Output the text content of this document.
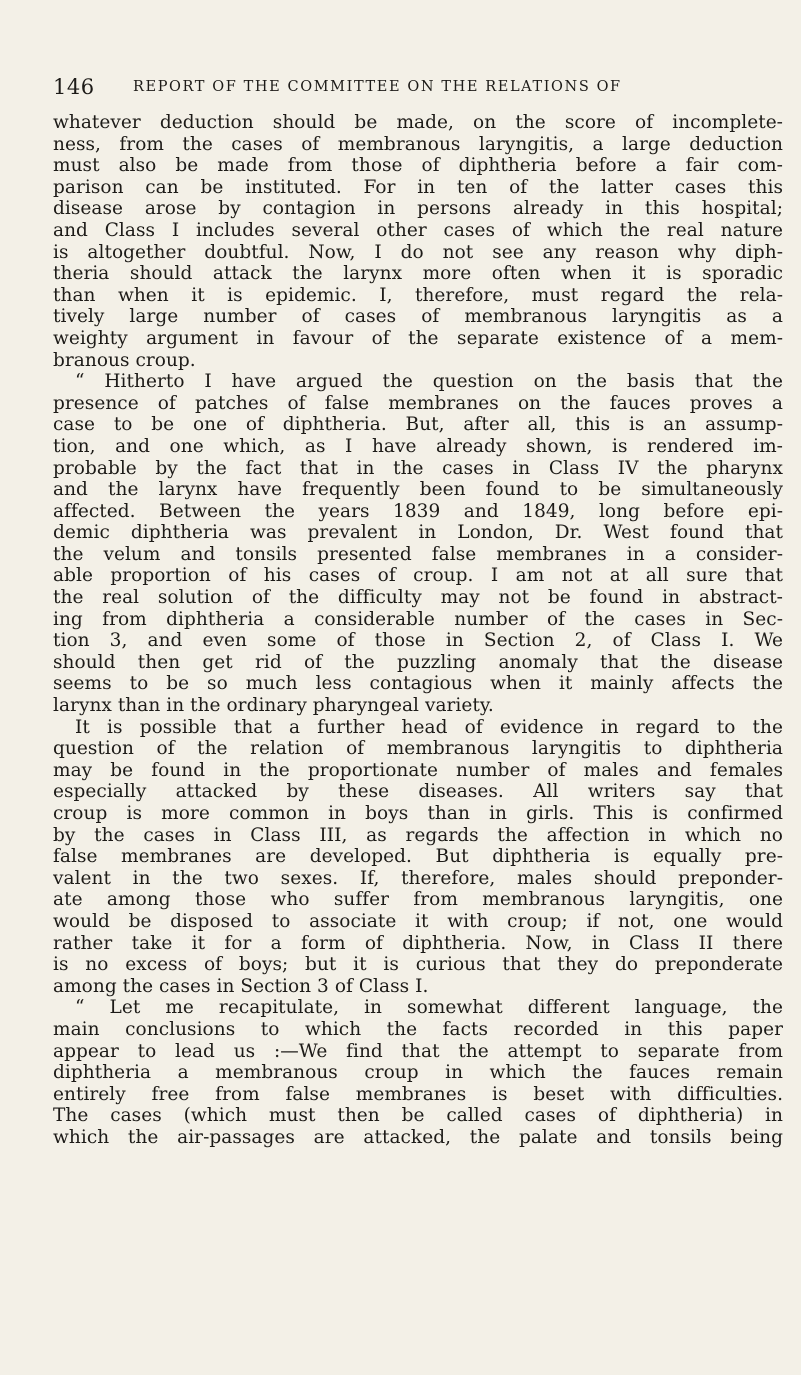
146	REPORT OF THE COMMITTEE ON THE RELATIONS OF
whatever deduction should be made, on the score of incomplete-
ness, from the cases of membranous laryngitis, a large deduction
must also be made from those of diphtheria before a fair com-
parison can be instituted. For in ten of the latter cases this
disease arose by contagion in persons already in this hospital;
and Class I includes several other cases of which the real nature
is altogether doubtful. Now, I do not see any reason why diph-
theria should attack the larynx more often when it is sporadic
than when it is epidemic. I, therefore, must regard the rela-
tively large number of cases of membranous laryngitis as a
weighty argument in favour of the separate existence of a mem-
branous croup.
“ Hitherto I have argued the question on the basis that the
presence of patches of false membranes on the fauces proves a
case to be one of diphtheria. But, after all, this is an assump-
tion, and one which, as I have already shown, is rendered im-
probable by the fact that in the cases in Class IV the pharynx
and the larynx have frequently been found to be simultaneously
affected. Between the years 1839 and 1849, long before epi-
demic diphtheria was prevalent in London, Dr. West found that
the velum and tonsils presented false membranes in a consider-
able proportion of his cases of croup. I am not at all sure that
the real solution of the difficulty may not be found in abstract-
ing from diphtheria a considerable number of the cases in Sec-
tion 3, and even some of those in Section 2, of Class I. We
should then get rid of the puzzling anomaly that the disease
seems to be so much less contagious when it mainly affects the
larynx than in the ordinary pharyngeal variety.
It is possible that a further head of evidence in regard to the
question of the relation of membranous laryngitis to diphtheria
may be found in the proportionate number of males and females
especially attacked by these diseases. All writers say that
croup is more common in boys than in girls. This is confirmed
by the cases in Class III, as regards the affection in which no
false membranes are developed. But diphtheria is equally pre-
valent in the two sexes. If, therefore, males should preponder-
ate among those who suffer from membranous laryngitis, one
would be disposed to associate it with croup; if not, one would
rather take it for a form of diphtheria. Now, in Class II there
is no excess of boys; but it is curious that they do preponderate
among the cases in Section 3 of Class I.
“ Let me recapitulate, in somewhat different language, the
main conclusions to which the facts recorded in this paper
appear to lead us :—We find that the attempt to separate from
diphtheria a membranous croup in which the fauces remain
entirely free from false membranes is beset with difficulties.
The cases (which must then be called cases of diphtheria) in
which the air-passages are attacked, the palate and tonsils being
